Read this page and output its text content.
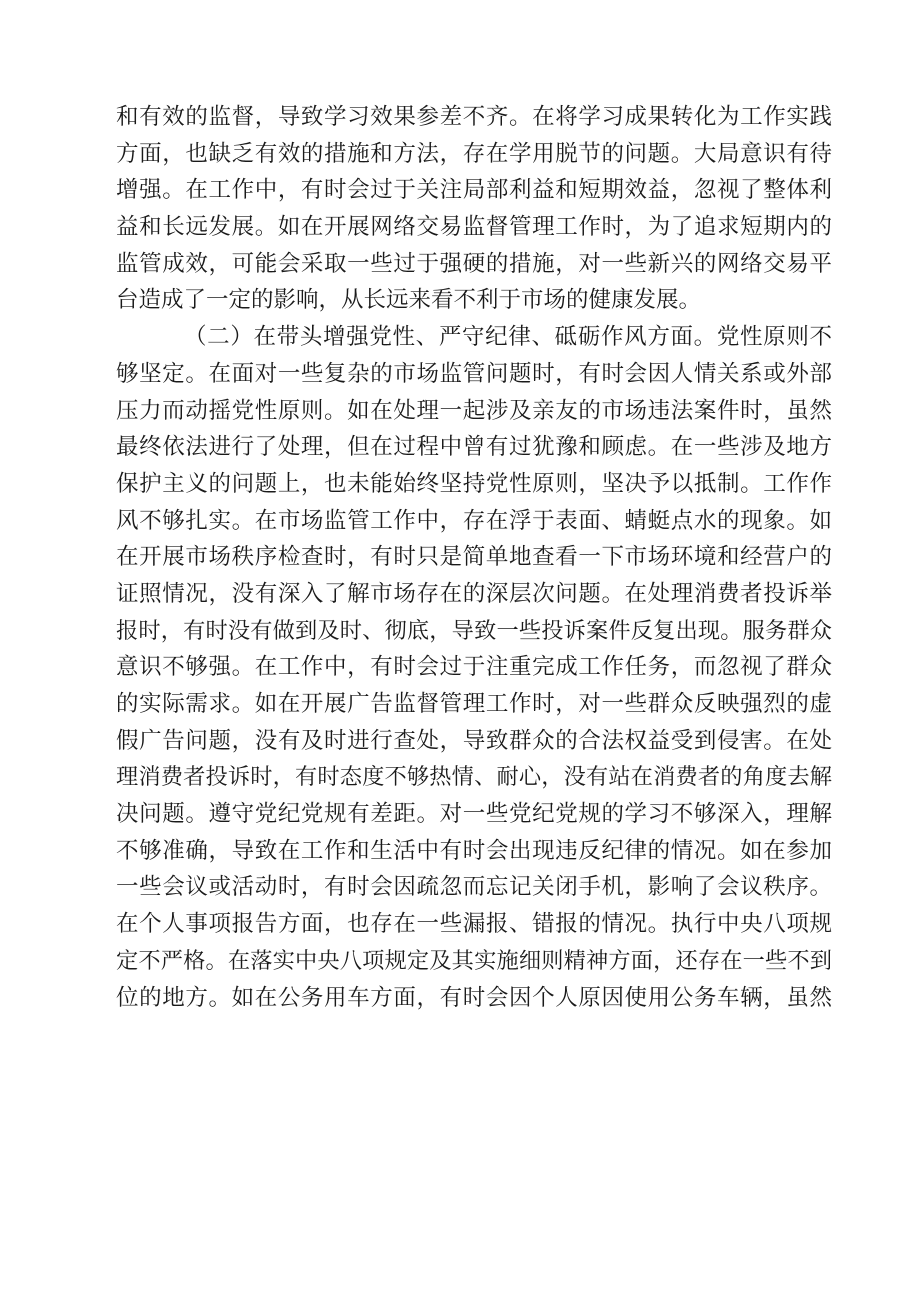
和有效的监督，导致学习效果参差不齐。在将学习成果转化为工作实践
方面，也缺乏有效的措施和方法，存在学用脱节的问题。大局意识有待
增强。在工作中，有时会过于关注局部利益和短期效益，忽视了整体利
益和长远发展。如在开展网络交易监督管理工作时，为了追求短期内的
监管成效，可能会采取一些过于强硬的措施，对一些新兴的网络交易平
台造成了一定的影响，从长远来看不利于市场的健康发展。
（二）在带头增强党性、严守纪律、砥砺作风方面。党性原则不
够坚定。在面对一些复杂的市场监管问题时，有时会因人情关系或外部
压力而动摇党性原则。如在处理一起涉及亲友的市场违法案件时，虽然
最终依法进行了处理，但在过程中曾有过犹豫和顾虑。在一些涉及地方
保护主义的问题上，也未能始终坚持党性原则，坚决予以抵制。工作作
风不够扎实。在市场监管工作中，存在浮于表面、蜻蜓点水的现象。如
在开展市场秩序检查时，有时只是简单地查看一下市场环境和经营户的
证照情况，没有深入了解市场存在的深层次问题。在处理消费者投诉举
报时，有时没有做到及时、彻底，导致一些投诉案件反复出现。服务群众
意识不够强。在工作中，有时会过于注重完成工作任务，而忽视了群众
的实际需求。如在开展广告监督管理工作时，对一些群众反映强烈的虚
假广告问题，没有及时进行查处，导致群众的合法权益受到侵害。在处
理消费者投诉时，有时态度不够热情、耐心，没有站在消费者的角度去解
决问题。遵守党纪党规有差距。对一些党纪党规的学习不够深入，理解
不够准确，导致在工作和生活中有时会出现违反纪律的情况。如在参加
一些会议或活动时，有时会因疏忽而忘记关闭手机，影响了会议秩序。
在个人事项报告方面，也存在一些漏报、错报的情况。执行中央八项规
定不严格。在落实中央八项规定及其实施细则精神方面，还存在一些不到
位的地方。如在公务用车方面，有时会因个人原因使用公务车辆，虽然
